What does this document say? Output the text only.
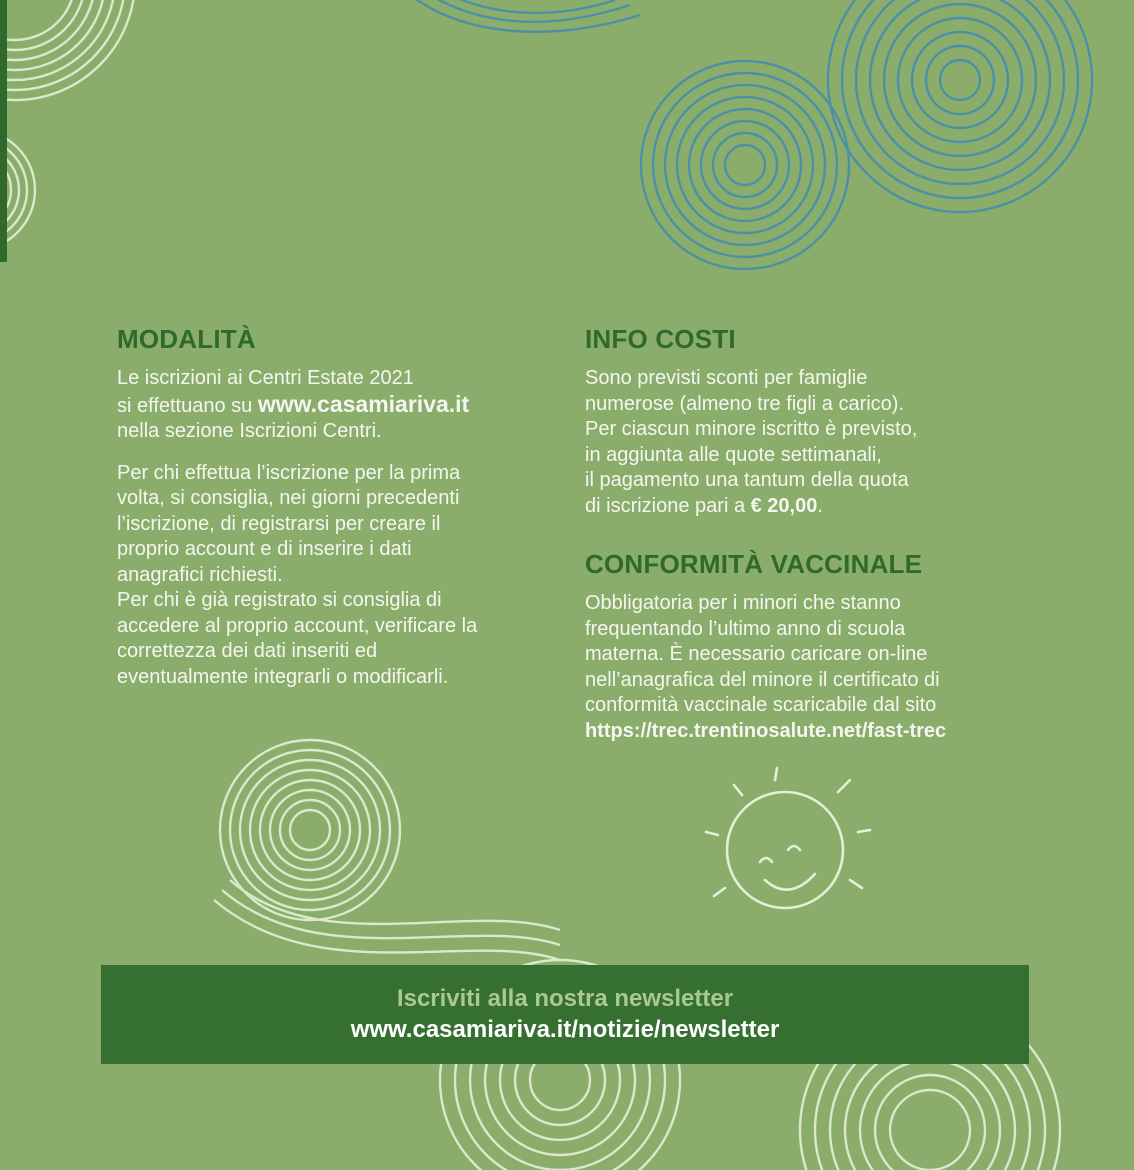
MODALITÀ

Le iscrizioni ai Centri Estate 2021
si effettuano su www.casamiariva.it
nella sezione Iscrizioni Centri.

Per chi effettua l’iscrizione per la prima
volta, si consiglia, nei giorni precedenti
l’iscrizione, di registrarsi per creare il
proprio account e di inserire i dati
anagrafici richiesti.
Per chi è già registrato si consiglia di
accedere al proprio account, verificare la
correttezza dei dati inseriti ed
eventualmente integrarli o modificarli.

INFO COSTI

Sono previsti sconti per famiglie
numerose (almeno tre figli a carico).
Per ciascun minore iscritto è previsto,
in aggiunta alle quote settimanali,
il pagamento una tantum della quota
di iscrizione pari a € 20,00.

CONFORMITÀ VACCINALE

Obbligatoria per i minori che stanno
frequentando l’ultimo anno di scuola
materna. È necessario caricare on-line
nell’anagrafica del minore il certificato di
conformità vaccinale scaricabile dal sito
https://trec.trentinosalute.net/fast-trec

Iscriviti alla nostra newsletter
www.casamiariva.it/notizie/newsletter
